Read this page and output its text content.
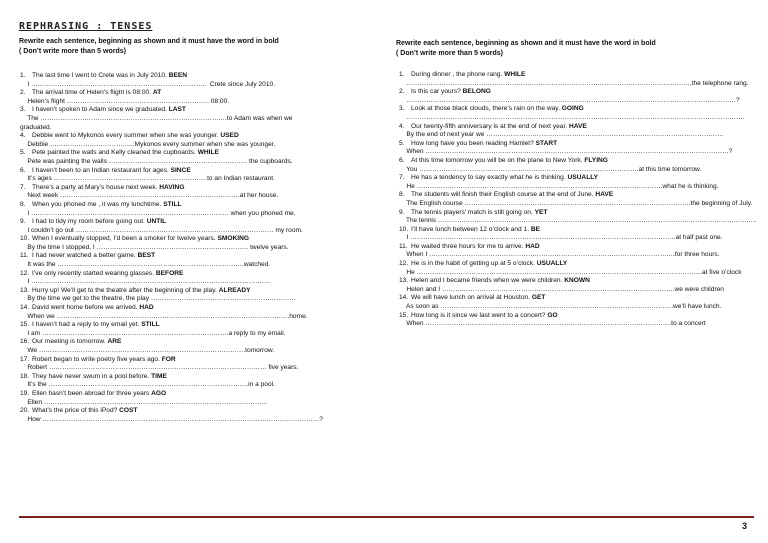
REPHRASING : TENSES
Rewrite each sentence, beginning as shown and it must have the word in bold
( Don’t write more than 5 words)
Rewrite each sentence, beginning as shown and it must have the word in bold
( Don’t write more than 5 words)
1. The last time I went to Crete was in July 2010. BEEN
I ……………………………………………………………………..  Crete since July 2010.
2. The arrival time of Helen’s flight is 08:00. AT
Helen’s flight ……………………………………………………….. 08:00.
3. I haven’t spoken to Adam since we graduated. LAST
The ………………………………………………………………………….to Adam was when we
graduated.
4. Debbie went to Mykonos every summer when she was younger. USED
Debbie ………………………………...Mykonos every summer when she was younger.
5. Pete painted the walls and Kelly cleaned the cupboards. WHILE
Pete was painting the walls ……………………………………………………… the cupboards.
6. I haven’t been to an Indian restaurant for ages. SINCE
It’s ages …………………………………………………………….to an Indian restaurant.
7. There’s a party at Mary’s house next week. HAVING
Next week ……………………………………………………………………….at her house.
8. When you phoned me , it was my lunchtime. STILL
I ……………………………………………………………………………… when you phoned me.
9. I had to tidy my room before going out. UNTIL
I couldn’t go out ……………………………………………………………………………… my room.
10. When I eventually stopped, I’d been a smoker for twelve years. SMOKING
By the time I stopped, I …………………………………………………………… twelve years.
11. I had never watched a better game. BEST
It was the ………………………………………………………………………….watched.
12. I’ve only recently started wearing glasses. BEFORE
I ……………………………………………………………………………………………….
13. Hurry up! We’ll get to the theatre after the beginning of the play. ALREADY
By the time we get to the theatre, the play …………………………………………………………
14. David went home before we arrived. HAD
When we …………………………………………………………………………………………….home.
15. I haven’t had a reply to my email yet. STILL
I am ………………………………………………………………………….a reply to my email.
16. Our meeting is tomorrow. ARE
We ………………………………………………………………………………….tomorrow.
17. Robert began to write poetry five years ago. FOR
Robert ……………………………………………………………………………………… five years.
18. They have never swum in a pool before. TIME
It’s the ……………………………………………………………………………….in a pool.
19. Ellen hasn’t been abroad for three years AGO
Ellen …………………………………………………………………………………………
20. What’s the price of this iPod? COST
How ………………………………………………………………………………………………………………?
1. During dinner , the phone rang. WHILE
…………………………………………………………………………………………………………………,the telephone rang.
2. Is this car yours? BELONG
……………………………………………………………………………………………………………………………………?
3. Look at those black clouds, there’s rain on the way. GOING
……………………………………………………………………………………………………………………………………….
4. Our twenty-fifth anniversary is at the end of next year. HAVE
By the end of next year we ………………………………………………………………………………………………
5. How long have you been reading Hamlet? START
When …………………………………………………………………………………………………………………………?
6. At this time tomorrow you will be on the plane to New York. FLYING
You ……………………………………………………………………………………….at this time tomorrow.
7. He has a tendency to say exactly what he is thinking. USUALLY
He ………………………………………………………………………………………………….what he is thinking.
8. The students will finish their English course at the end of June. HAVE
The English course ………………………………………………………………………………………….the beginning of July.
9. The tennis players’ match is still going on. YET
The tennis …………………………………………………………………………………………………………………………………..
10. I’ll have lunch between 12 o’clock and 1. BE
I ………………………………………………………………………………………………………….at half past one.
11. He waited three hours for me to arrive. HAD
When I ………………………………………………………………………………………………….for three hours.
12. He is in the habit of getting up at 5 o’clock. USUALLY
He ………………………………………………………………………………………………………………….at five o’clock
13. Helen and I became friends when we were children. KNOWN
Helen and I …………………………………………………………………………………………….we were children
14. We will have lunch on arrival at Houston. GET
As soon as …………………………………………………………………………………………….we’ll have lunch.
15. How long is it since we last went to a concert? GO
When ………………………………………………………………………………………………….to a concert
3
